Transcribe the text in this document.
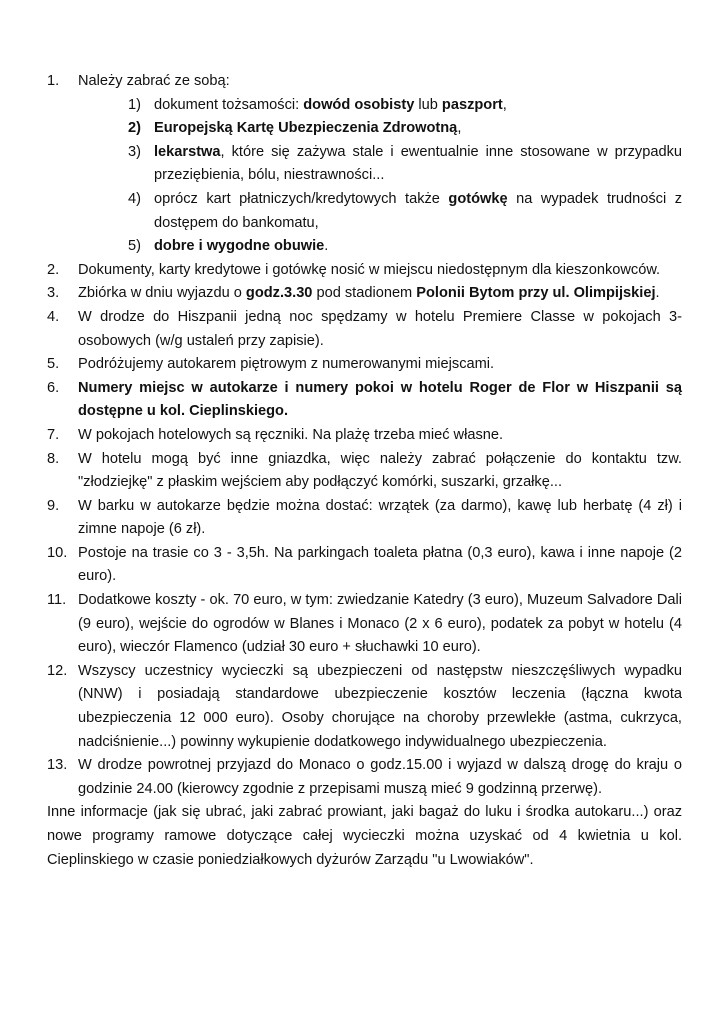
1. Należy zabrać ze sobą:
1) dokument tożsamości: dowód osobisty lub paszport,
2) Europejską Kartę Ubezpieczenia Zdrowotną,
3) lekarstwa, które się zażywa stale i ewentualnie inne stosowane w przypadku przeziębienia, bólu, niestrawności...
4) oprócz kart płatniczych/kredytowych także gotówkę na wypadek trudności z dostępem do bankomatu,
5) dobre i wygodne obuwie.
2. Dokumenty, karty kredytowe i gotówkę nosić w miejscu niedostępnym dla kieszonkowców.
3. Zbiórka w dniu wyjazdu o godz.3.30 pod stadionem Polonii Bytom przy ul. Olimpijskiej.
4. W drodze do Hiszpanii jedną noc spędzamy w hotelu Premiere Classe w pokojach 3-osobowych (w/g ustaleń przy zapisie).
5. Podróżujemy autokarem piętrowym z numerowanymi miejscami.
6. Numery miejsc w autokarze i numery pokoi w hotelu Roger de Flor w Hiszpanii są dostępne u kol. Cieplinskiego.
7. W pokojach hotelowych są ręczniki. Na plażę trzeba mieć własne.
8. W hotelu mogą być inne gniazdka, więc należy zabrać połączenie do kontaktu tzw. "złodziejkę" z płaskim wejściem aby podłączyć komórki, suszarki, grzałkę...
9. W barku w autokarze będzie można dostać: wrzątek (za darmo), kawę lub herbatę (4 zł) i zimne napoje (6 zł).
10. Postoje na trasie co 3 - 3,5h. Na parkingach toaleta płatna (0,3 euro), kawa i inne napoje (2 euro).
11. Dodatkowe koszty - ok. 70 euro, w tym: zwiedzanie Katedry (3 euro), Muzeum Salvadore Dali (9 euro), wejście do ogrodów w Blanes i Monaco (2 x 6 euro), podatek za pobyt w hotelu (4 euro), wieczór Flamenco (udział 30 euro + słuchawki 10 euro).
12. Wszyscy uczestnicy wycieczki są ubezpieczeni od następstw nieszczęśliwych wypadku (NNW) i posiadają standardowe ubezpieczenie kosztów leczenia (łączna kwota ubezpieczenia 12 000 euro). Osoby chorujące na choroby przewlekłe (astma, cukrzyca, nadciśnienie...) powinny wykupienie dodatkowego indywidualnego ubezpieczenia.
13. W drodze powrotnej przyjazd do Monaco o godz.15.00 i wyjazd w dalszą drogę do kraju o godzinie 24.00 (kierowcy zgodnie z przepisami muszą mieć 9 godzinną przerwę).

Inne informacje (jak się ubrać, jaki zabrać prowiant, jaki bagaż do luku i środka autokaru...) oraz nowe programy ramowe dotyczące całej wycieczki można uzyskać od 4 kwietnia u kol. Cieplinskiego w czasie poniedziałkowych dyżurów Zarządu "u Lwowiaków".
